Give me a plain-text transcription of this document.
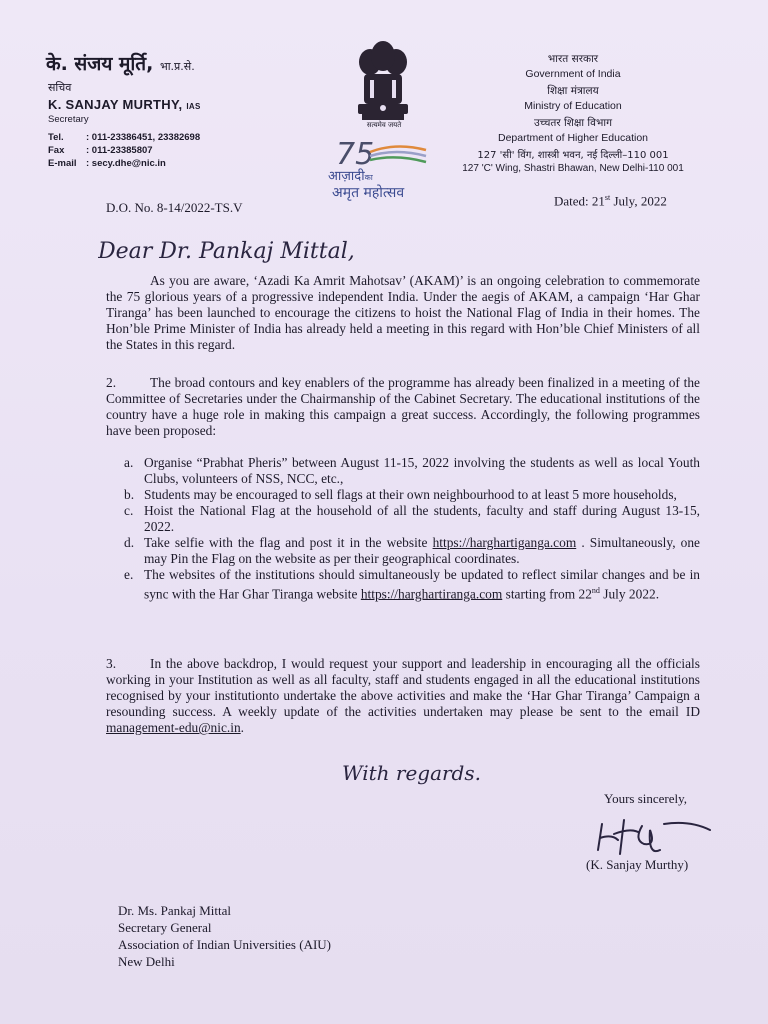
के. संजय मूर्ति, भा.प्र.से.
सचिव
K. SANJAY MURTHY, IAS
Secretary
Tel. : 011-23386451, 23382698
Fax : 011-23385807
E-mail : secy.dhe@nic.in
सत्यमेव जयते
75
आज़ादीका
अमृत महोत्सव
भारत सरकार
Government of India
शिक्षा मंत्रालय
Ministry of Education
उच्चतर शिक्षा विभाग
Department of Higher Education
127 'सी' विंग, शास्त्री भवन, नई दिल्ली–110 001
127 'C' Wing, Shastri Bhawan, New Delhi-110 001
D.O. No. 8-14/2022-TS.V	Dated: 21st July, 2022
Dear Dr. Pankaj Mittal,
As you are aware, ‘Azadi Ka Amrit Mahotsav’ (AKAM)’ is an ongoing celebration to commemorate the 75 glorious years of a progressive independent India. Under the aegis of AKAM, a campaign ‘Har Ghar Tiranga’ has been launched to encourage the citizens to hoist the National Flag of India in their homes. The Hon’ble Prime Minister of India has already held a meeting in this regard with Hon’ble Chief Ministers of all the States in this regard.
2.	The broad contours and key enablers of the programme has already been finalized in a meeting of the Committee of Secretaries under the Chairmanship of the Cabinet Secretary. The educational institutions of the country have a huge role in making this campaign a great success. Accordingly, the following programmes have been proposed:
a. Organise “Prabhat Pheris” between August 11-15, 2022 involving the students as well as local Youth Clubs, volunteers of NSS, NCC, etc.,
b. Students may be encouraged to sell flags at their own neighbourhood to at least 5 more households,
c. Hoist the National Flag at the household of all the students, faculty and staff during August 13-15, 2022.
d. Take selfie with the flag and post it in the website https://harghartiganga.com . Simultaneously, one may Pin the Flag on the website as per their geographical coordinates.
e. The websites of the institutions should simultaneously be updated to reflect similar changes and be in sync with the Har Ghar Tiranga website https://harghartiranga.com starting from 22nd July 2022.
3.	In the above backdrop, I would request your support and leadership in encouraging all the officials working in your Institution as well as all faculty, staff and students engaged in all the educational institutions recognised by your institutionto undertake the above activities and make the ‘Har Ghar Tiranga’ Campaign a resounding success. A weekly update of the activities undertaken may please be sent to the email ID management-edu@nic.in.
With regards.
Yours sincerely,
(K. Sanjay Murthy)
Dr. Ms. Pankaj Mittal
Secretary General
Association of Indian Universities (AIU)
New Delhi
